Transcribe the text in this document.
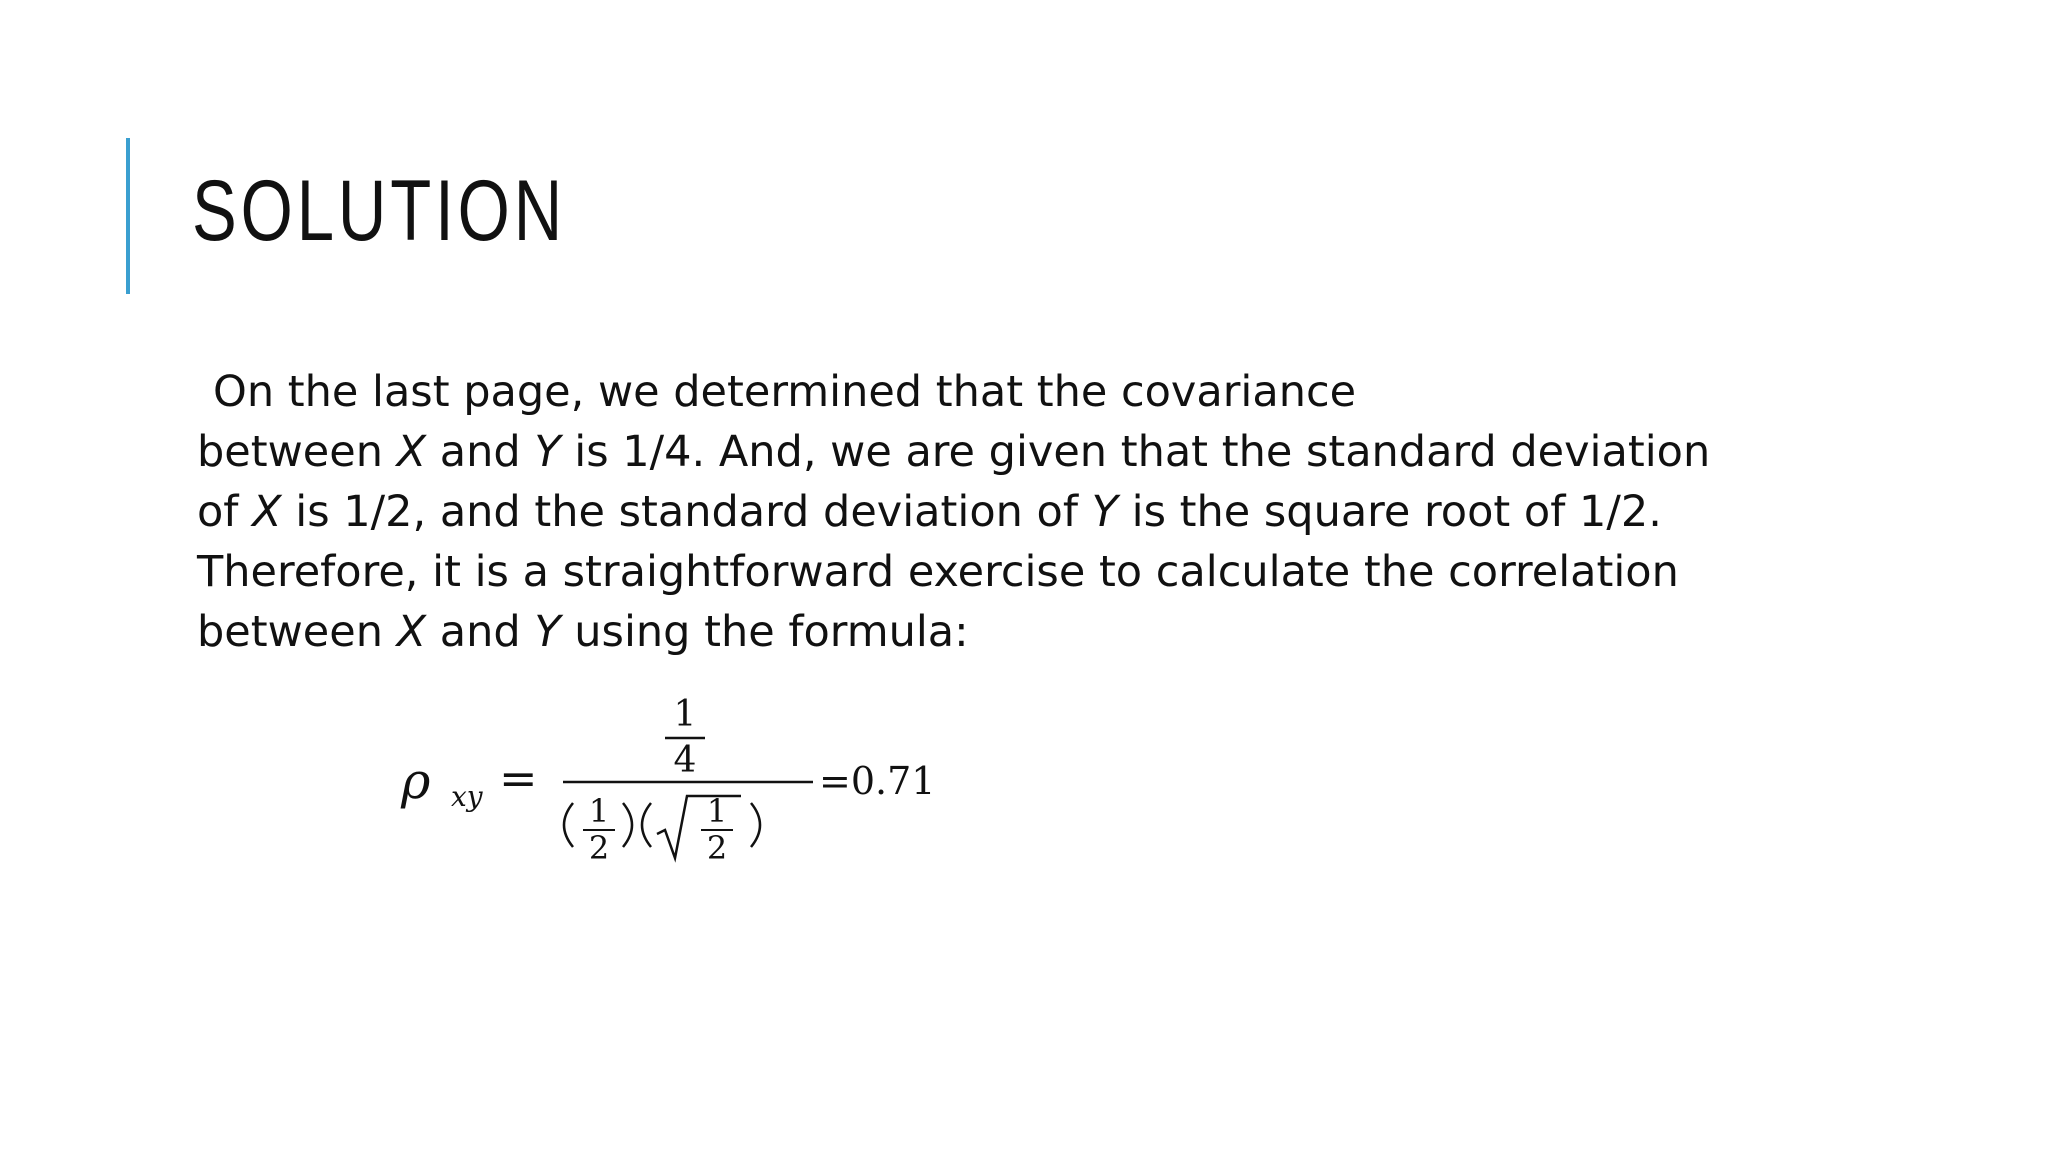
SOLUTION
On the last page, we determined that the covariance
between X and Y is 1/4. And, we are given that the standard deviation
of X is 1/2, and the standard deviation of Y is the square root of 1/2.
Therefore, it is a straightforward exercise to calculate the correlation
between X and Y using the formula:
ρ xy =
1
4
1
2
1
2
=0.71
